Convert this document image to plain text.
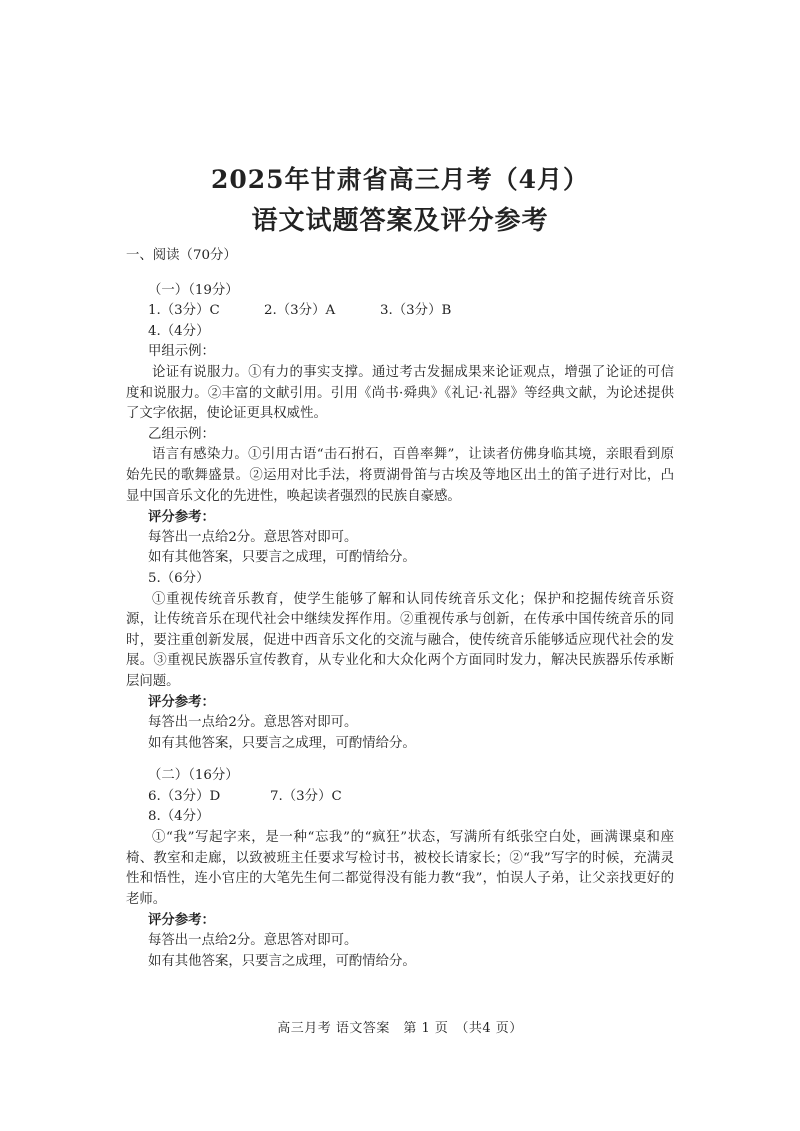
2025年甘肃省高三月考（4月）
语文试题答案及评分参考

一、阅读（70分）

（一）（19分）

1.（3分）C	2.（3分）A	3.（3分）B

4.（4分）

甲组示例：

论证有说服力。①有力的事实支撑。通过考古发掘成果来论证观点，增强了论证的可信度和说服力。②丰富的文献引用。引用《尚书·舜典》《礼记·礼器》等经典文献，为论述提供了文字依据，使论证更具权威性。

乙组示例：

语言有感染力。①引用古语“击石拊石，百兽率舞”，让读者仿佛身临其境，亲眼看到原始先民的歌舞盛景。②运用对比手法，将贾湖骨笛与古埃及等地区出土的笛子进行对比，凸显中国音乐文化的先进性，唤起读者强烈的民族自豪感。

评分参考：

每答出一点给2分。意思答对即可。

如有其他答案，只要言之成理，可酌情给分。

5.（6分）

①重视传统音乐教育，使学生能够了解和认同传统音乐文化；保护和挖掘传统音乐资源，让传统音乐在现代社会中继续发挥作用。②重视传承与创新，在传承中国传统音乐的同时，要注重创新发展，促进中西音乐文化的交流与融合，使传统音乐能够适应现代社会的发展。③重视民族器乐宣传教育，从专业化和大众化两个方面同时发力，解决民族器乐传承断层问题。

评分参考：

每答出一点给2分。意思答对即可。

如有其他答案，只要言之成理，可酌情给分。

（二）（16分）

6.（3分）D	7.（3分）C

8.（4分）

①“我”写起字来，是一种“忘我”的“疯狂”状态，写满所有纸张空白处，画满课桌和座椅、教室和走廊，以致被班主任要求写检讨书，被校长请家长；②“我”写字的时候，充满灵性和悟性，连小官庄的大笔先生何二都觉得没有能力教“我”，怕误人子弟，让父亲找更好的老师。

评分参考：

每答出一点给2分。意思答对即可。

如有其他答案，只要言之成理，可酌情给分。

高三月考 语文答案　第 1 页　（共4 页）
